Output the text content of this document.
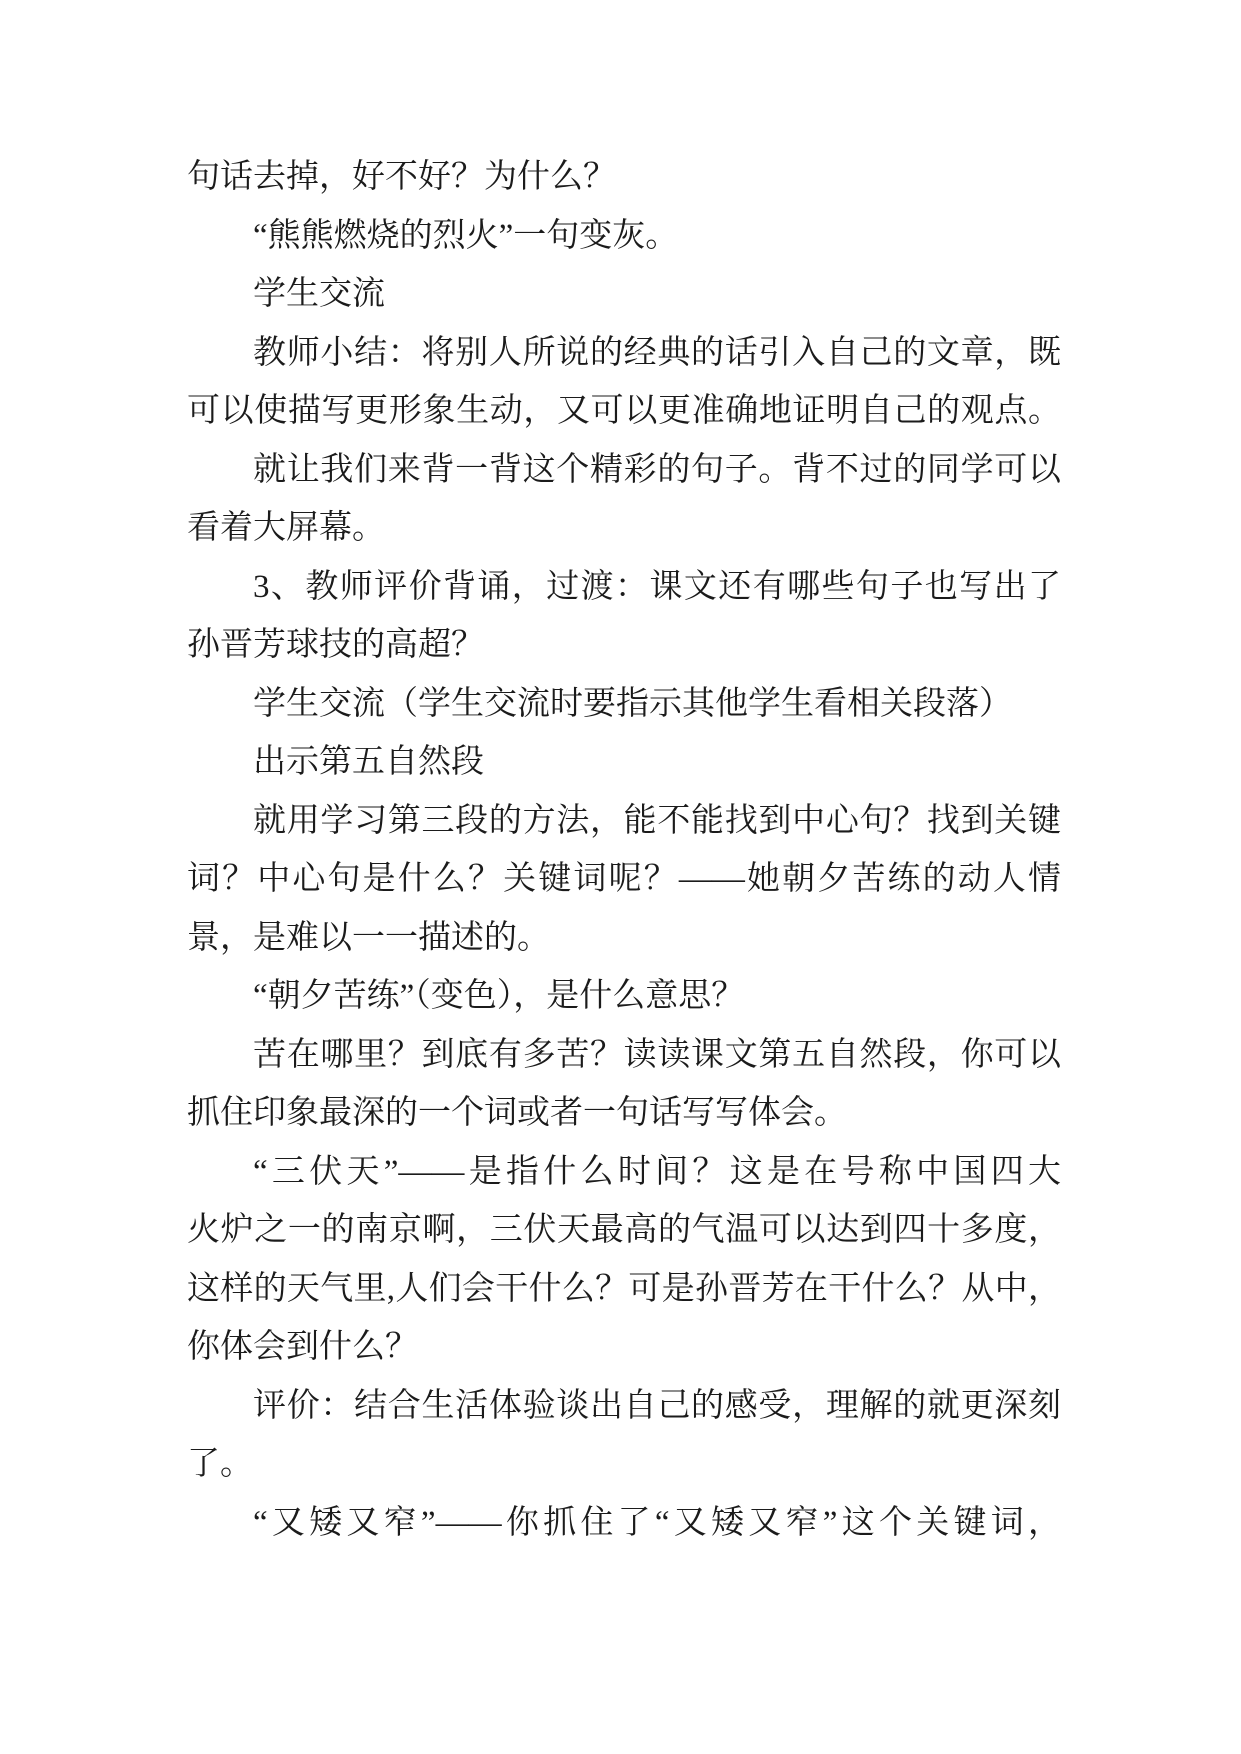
句话去掉，好不好？为什么？
“熊熊燃烧的烈火”一句变灰。
学生交流
教师小结：将别人所说的经典的话引入自己的文章，既
可以使描写更形象生动，又可以更准确地证明自己的观点。
就让我们来背一背这个精彩的句子。背不过的同学可以
看着大屏幕。
3、教师评价背诵，过渡：课文还有哪些句子也写出了
孙晋芳球技的高超？
学生交流（学生交流时要指示其他学生看相关段落）
出示第五自然段
就用学习第三段的方法，能不能找到中心句？找到关键
词？中心句是什么？关键词呢？——她朝夕苦练的动人情
景，是难以一一描述的。
“朝夕苦练”（变色），是什么意思？
苦在哪里？到底有多苦？读读课文第五自然段，你可以
抓住印象最深的一个词或者一句话写写体会。
“三伏天”——是指什么时间？这是在号称中国四大
火炉之一的南京啊，三伏天最高的气温可以达到四十多度，
这样的天气里,人们会干什么？可是孙晋芳在干什么？从中，
你体会到什么？
评价：结合生活体验谈出自己的感受，理解的就更深刻
了。
“又矮又窄”——你抓住了“又矮又窄”这个关键词，
